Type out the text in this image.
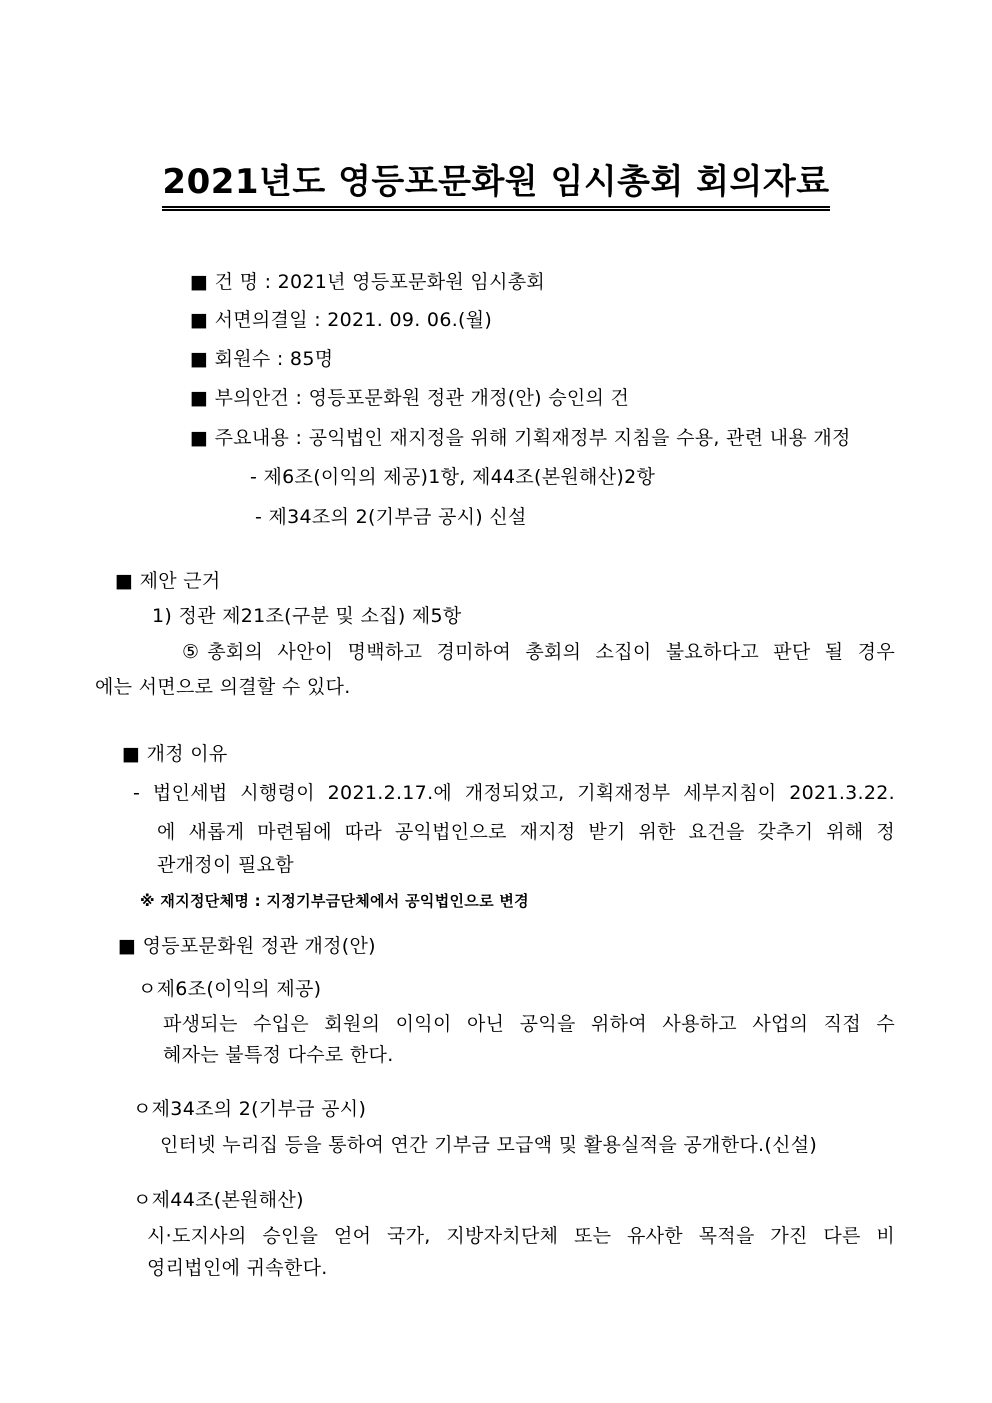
2021년도 영등포문화원 임시총회 회의자료
■ 건 명 : 2021년 영등포문화원 임시총회
■ 서면의결일 : 2021. 09. 06.(월)
■ 회원수 : 85명
■ 부의안건 : 영등포문화원 정관 개정(안) 승인의 건
■ 주요내용 : 공익법인 재지정을 위해 기획재정부 지침을 수용, 관련 내용 개정
- 제6조(이익의 제공)1항, 제44조(본원해산)2항
- 제34조의 2(기부금 공시) 신설
■ 제안 근거
1) 정관 제21조(구분 및 소집) 제5항
⑤총회의 사안이 명백하고 경미하여 총회의 소집이 불요하다고 판단 될 경우
에는 서면으로 의결할 수 있다.
■ 개정 이유
- 법인세법 시행령이 2021.2.17.에 개정되었고, 기획재정부 세부지침이 2021.3.22.
에 새롭게 마련됨에 따라 공익법인으로 재지정 받기 위한 요건을 갖추기 위해 정
관개정이 필요함
※ 재지정단체명 : 지정기부금단체에서 공익법인으로 변경
■ 영등포문화원 정관 개정(안)
ㅇ제6조(이익의 제공)
파생되는 수입은 회원의 이익이 아닌 공익을 위하여 사용하고 사업의 직접 수
혜자는 불특정 다수로 한다.
ㅇ제34조의 2(기부금 공시)
인터넷 누리집 등을 통하여 연간 기부금 모급액 및 활용실적을 공개한다.(신설)
ㅇ제44조(본원해산)
시·도지사의 승인을 얻어 국가, 지방자치단체 또는 유사한 목적을 가진 다른 비
영리법인에 귀속한다.
